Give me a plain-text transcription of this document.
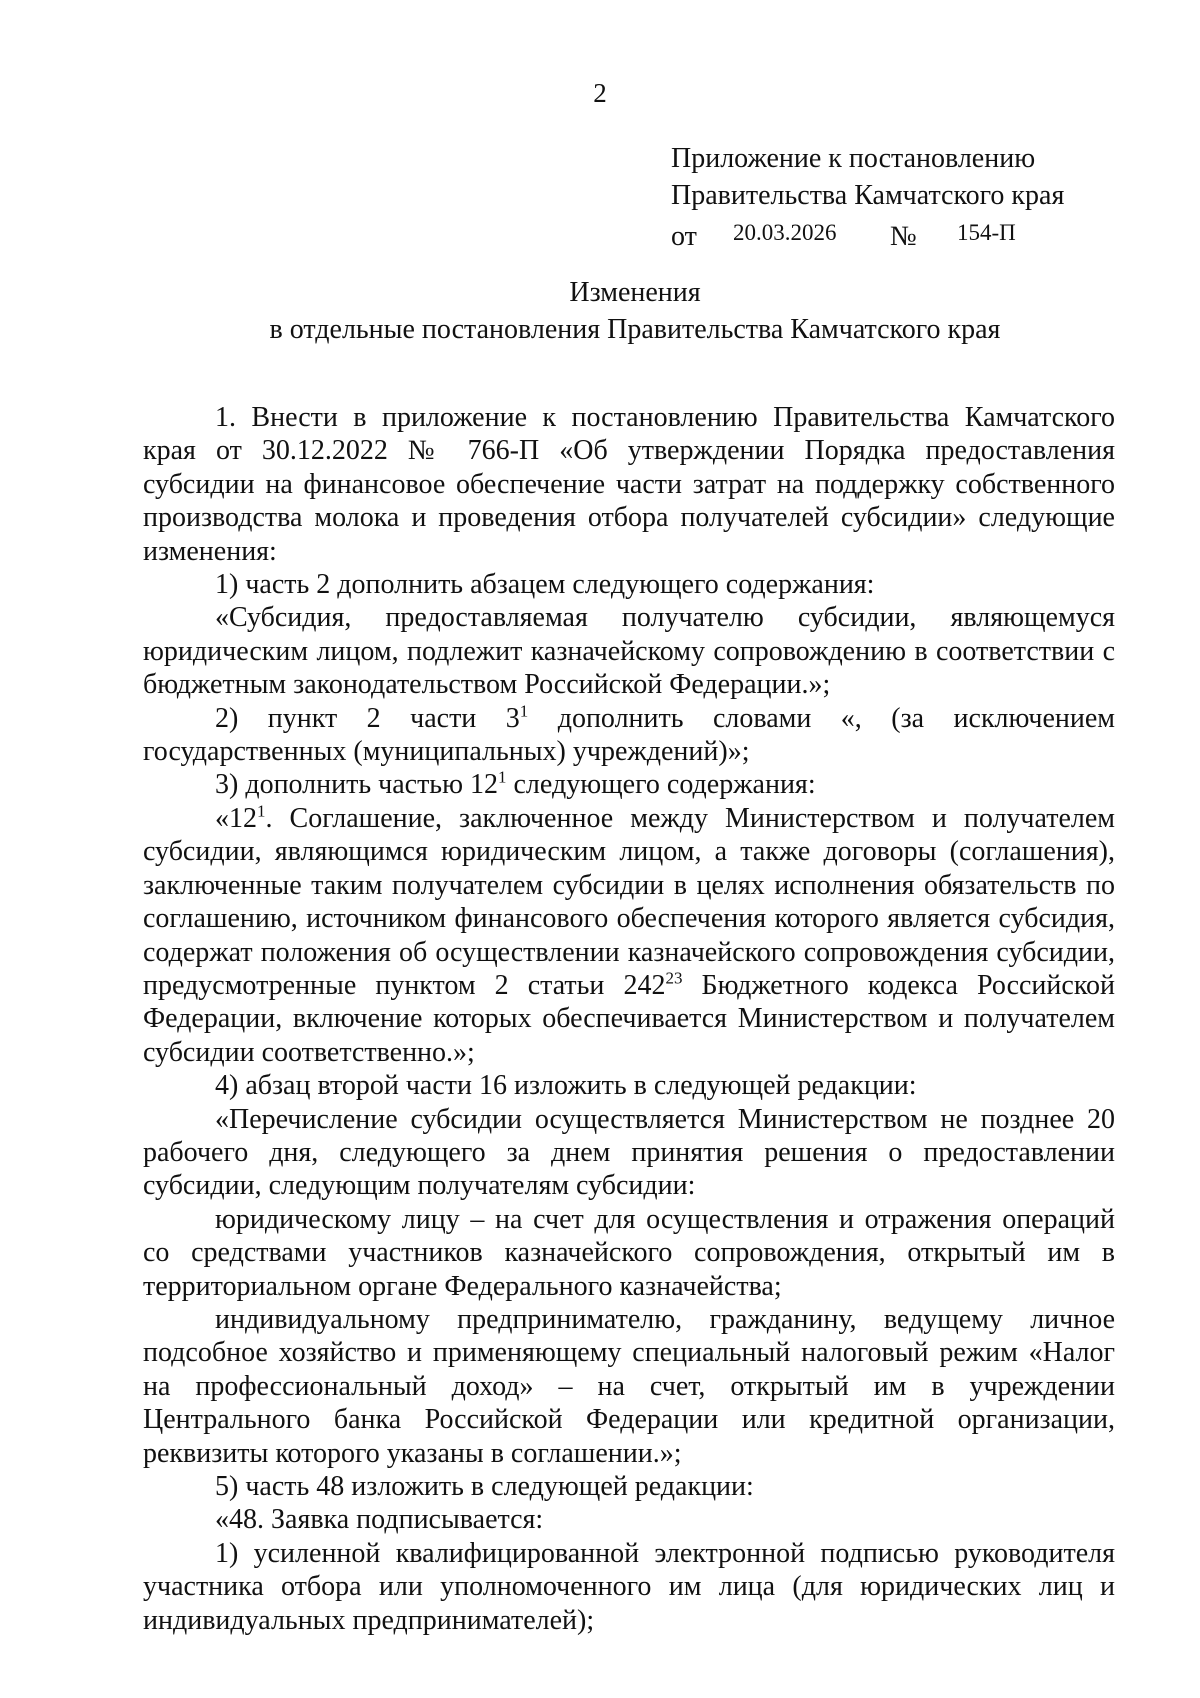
2
Приложение к постановлению
Правительства Камчатского края
от 20.03.2026 № 154-П
Изменения
в отдельные постановления Правительства Камчатского края

1. Внести в приложение к постановлению Правительства Камчатского края от 30.12.2022 № 766-П «Об утверждении Порядка предоставления субсидии на финансовое обеспечение части затрат на поддержку собственного производства молока и проведения отбора получателей субсидии» следующие изменения:

1) часть 2 дополнить абзацем следующего содержания:

«Субсидия, предоставляемая получателю субсидии, являющемуся юридическим лицом, подлежит казначейскому сопровождению в соответствии с бюджетным законодательством Российской Федерации.»;

2) пункт 2 части $3^1$ дополнить словами «, (за исключением государственных (муниципальных) учреждений)»;

3) дополнить частью $12^1$ следующего содержания:

«$12^1$. Соглашение, заключенное между Министерством и получателем субсидии, являющимся юридическим лицом, а также договоры (соглашения), заключенные таким получателем субсидии в целях исполнения обязательств по соглашению, источником финансового обеспечения которого является субсидия, содержат положения об осуществлении казначейского сопровождения субсидии, предусмотренные пунктом 2 статьи $242^{23}$ Бюджетного кодекса Российской Федерации, включение которых обеспечивается Министерством и получателем субсидии соответственно.»;

4) абзац второй части 16 изложить в следующей редакции:

«Перечисление субсидии осуществляется Министерством не позднее 20 рабочего дня, следующего за днем принятия решения о предоставлении субсидии, следующим получателям субсидии:

юридическому лицу – на счет для осуществления и отражения операций со средствами участников казначейского сопровождения, открытый им в территориальном органе Федерального казначейства;

индивидуальному предпринимателю, гражданину, ведущему личное подсобное хозяйство и применяющему специальный налоговый режим «Налог на профессиональный доход» – на счет, открытый им в учреждении Центрального банка Российской Федерации или кредитной организации, реквизиты которого указаны в соглашении.»;

5) часть 48 изложить в следующей редакции:

«48. Заявка подписывается:

1) усиленной квалифицированной электронной подписью руководителя участника отбора или уполномоченного им лица (для юридических лиц и индивидуальных предпринимателей);
